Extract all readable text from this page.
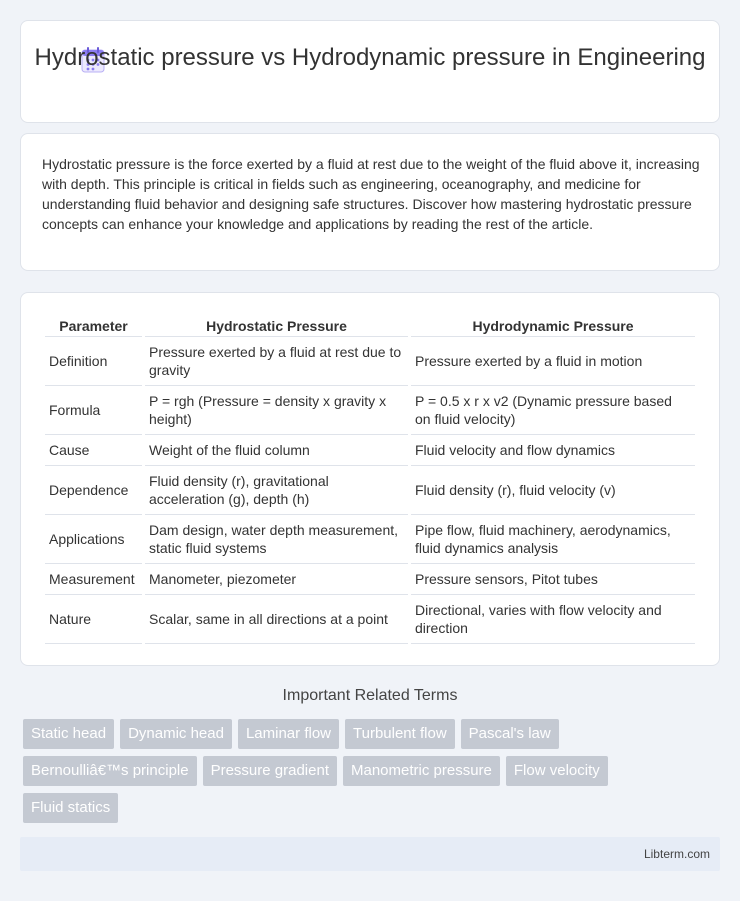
Hydrostatic pressure vs Hydrodynamic pressure in Engineering

Hydrostatic pressure is the force exerted by a fluid at rest due to the weight of the fluid above it, increasing with depth. This principle is critical in fields such as engineering, oceanography, and medicine for understanding fluid behavior and designing safe structures. Discover how mastering hydrostatic pressure concepts can enhance your knowledge and applications by reading the rest of the article.

Parameter	Hydrostatic Pressure	Hydrodynamic Pressure
Definition	Pressure exerted by a fluid at rest due to gravity	Pressure exerted by a fluid in motion
Formula	P = rgh (Pressure = density x gravity x height)	P = 0.5 x r x v2 (Dynamic pressure based on fluid velocity)
Cause	Weight of the fluid column	Fluid velocity and flow dynamics
Dependence	Fluid density (r), gravitational acceleration (g), depth (h)	Fluid density (r), fluid velocity (v)
Applications	Dam design, water depth measurement, static fluid systems	Pipe flow, fluid machinery, aerodynamics, fluid dynamics analysis
Measurement	Manometer, piezometer	Pressure sensors, Pitot tubes
Nature	Scalar, same in all directions at a point	Directional, varies with flow velocity and direction
Important Related Terms
Static head	Dynamic head	Laminar flow	Turbulent flow	Pascal's law
Bernoulliâ€™s principle	Pressure gradient	Manometric pressure	Flow velocity
Fluid statics
Libterm.com
